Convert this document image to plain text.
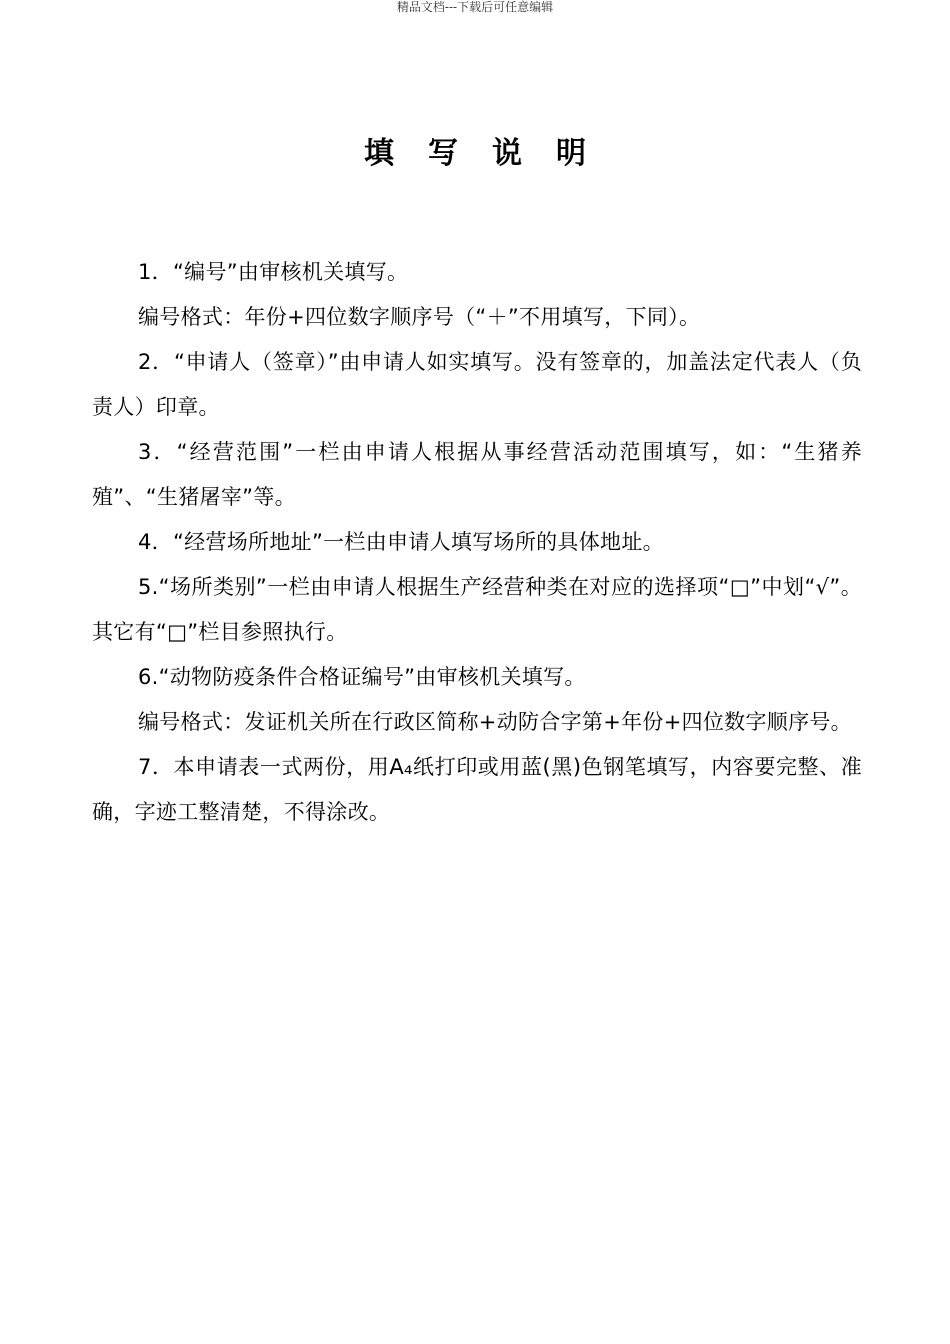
精品文档---下载后可任意编辑
填写说明

1．“编号”由审核机关填写。

编号格式：年份+四位数字顺序号（“＋”不用填写，下同）。

2．“申请人（签章）”由申请人如实填写。没有签章的，加盖法定代表人（负责人）印章。

3．“经营范围”一栏由申请人根据从事经营活动范围填写，如：“生猪养殖”、“生猪屠宰”等。

4．“经营场所地址”一栏由申请人填写场所的具体地址。

5.“场所类别”一栏由申请人根据生产经营种类在对应的选择项“□”中划“√”。其它有“□”栏目参照执行。

6.“动物防疫条件合格证编号”由审核机关填写。

编号格式：发证机关所在行政区简称+动防合字第+年份+四位数字顺序号。

7．本申请表一式两份，用A₄纸打印或用蓝(黑)色钢笔填写，内容要完整、准确，字迹工整清楚，不得涂改。
